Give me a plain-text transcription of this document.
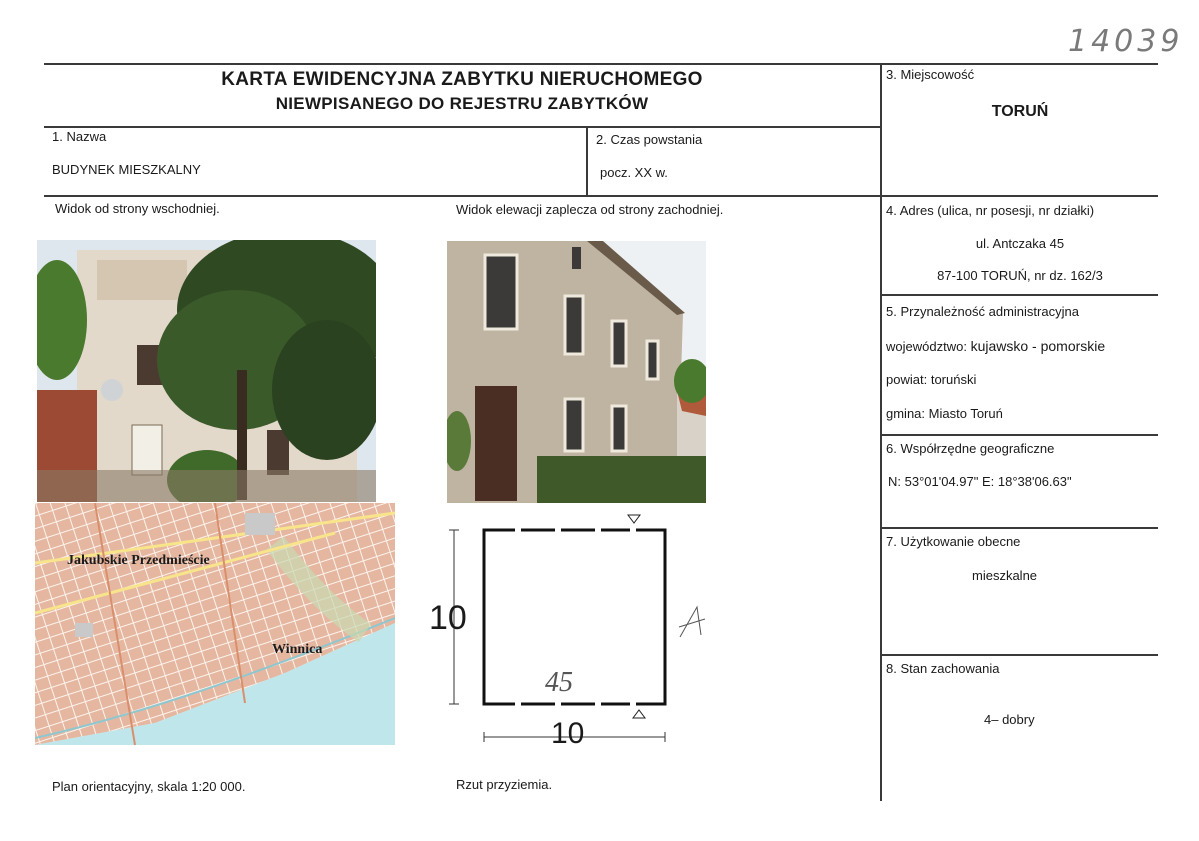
14039
KARTA EWIDENCYJNA ZABYTKU NIERUCHOMEGO
NIEWPISANEGO DO REJESTRU ZABYTKÓW
1. Nazwa
BUDYNEK MIESZKALNY
2. Czas powstania
pocz. XX w.
3. Miejscowość
TORUŃ
4. Adres (ulica, nr posesji, nr działki)
ul. Antczaka 45
87-100 TORUŃ, nr dz. 162/3
5. Przynależność administracyjna
województwo: kujawsko - pomorskie
powiat: toruński
gmina: Miasto Toruń
6. Współrzędne geograficzne
N: 53°01'04.97" E: 18°38'06.63"
7. Użytkowanie obecne
mieszkalne
8. Stan zachowania
4– dobry
Widok od strony wschodniej.	Widok elewacji zaplecza od strony zachodniej.
Jakubskie Przedmieście
Winnica
10
10
45
Plan orientacyjny, skala 1:20 000.	Rzut przyziemia.
